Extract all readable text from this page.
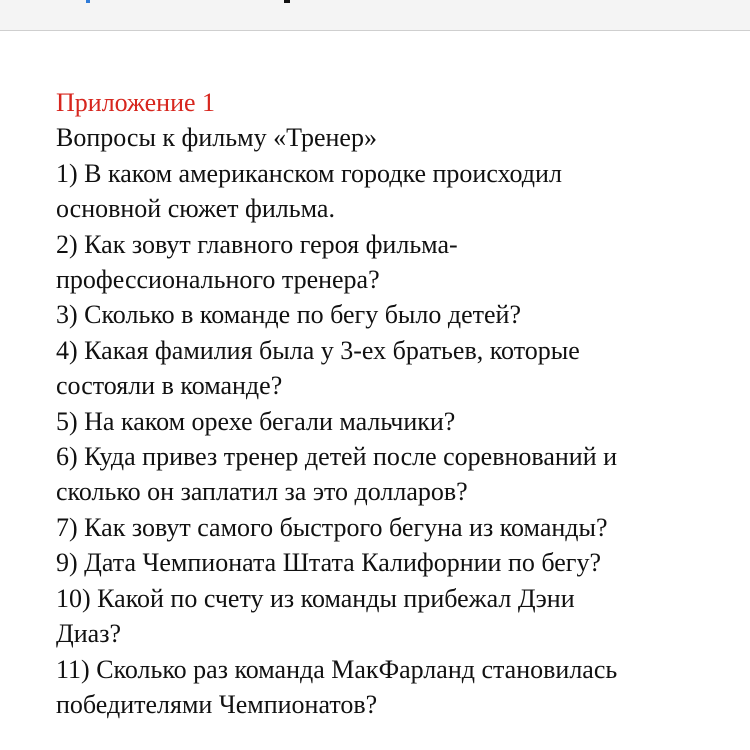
Приложение 1
Вопросы к фильму «Тренер»
1) В каком американском городке происходил
основной сюжет фильма.
2) Как зовут главного героя фильма-
профессионального тренера?
3) Сколько в команде по бегу было детей?
4) Какая фамилия была у 3-ех братьев, которые
состояли в команде?
5) На каком орехе бегали мальчики?
6) Куда привез тренер детей после соревнований и
сколько он заплатил за это долларов?
7) Как зовут самого быстрого бегуна из команды?
9) Дата Чемпионата Штата Калифорнии по бегу?
10) Какой по счету из команды прибежал Дэни
Диаз?
11) Сколько раз команда МакФарланд становилась
победителями Чемпионатов?
